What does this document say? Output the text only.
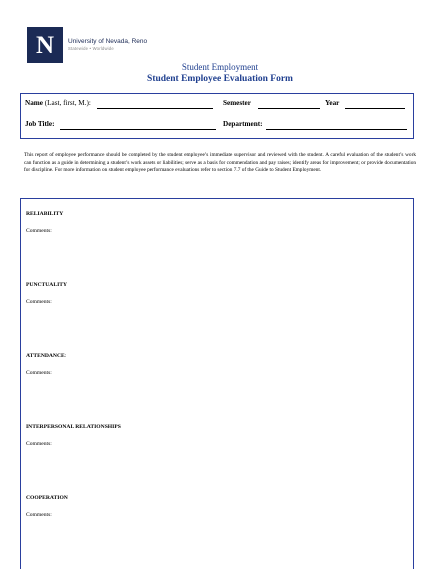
N University of Nevada, Reno
Statewide • Worldwide
Student Employment
Student Employee Evaluation Form
Name (Last, first, M.):	Semester	Year
Job Title:	Department:
This report of employee performance should be completed by the student employee’s immediate supervisor and reviewed with the student. A careful evaluation of the student’s work can function as a guide in determining a student’s work assets or liabilities; serve as a basis for commendation and pay raises; identify areas for improvement; or provide documentation for discipline. For more information on student employee performance evaluations refer to section 7.7 of the Guide to Student Employment.
RELIABILITY
Comments:
PUNCTUALITY
Comments:
ATTENDANCE:
Comments:
INTERPERSONAL RELATIONSHIPS
Comments:
COOPERATION
Comments:
